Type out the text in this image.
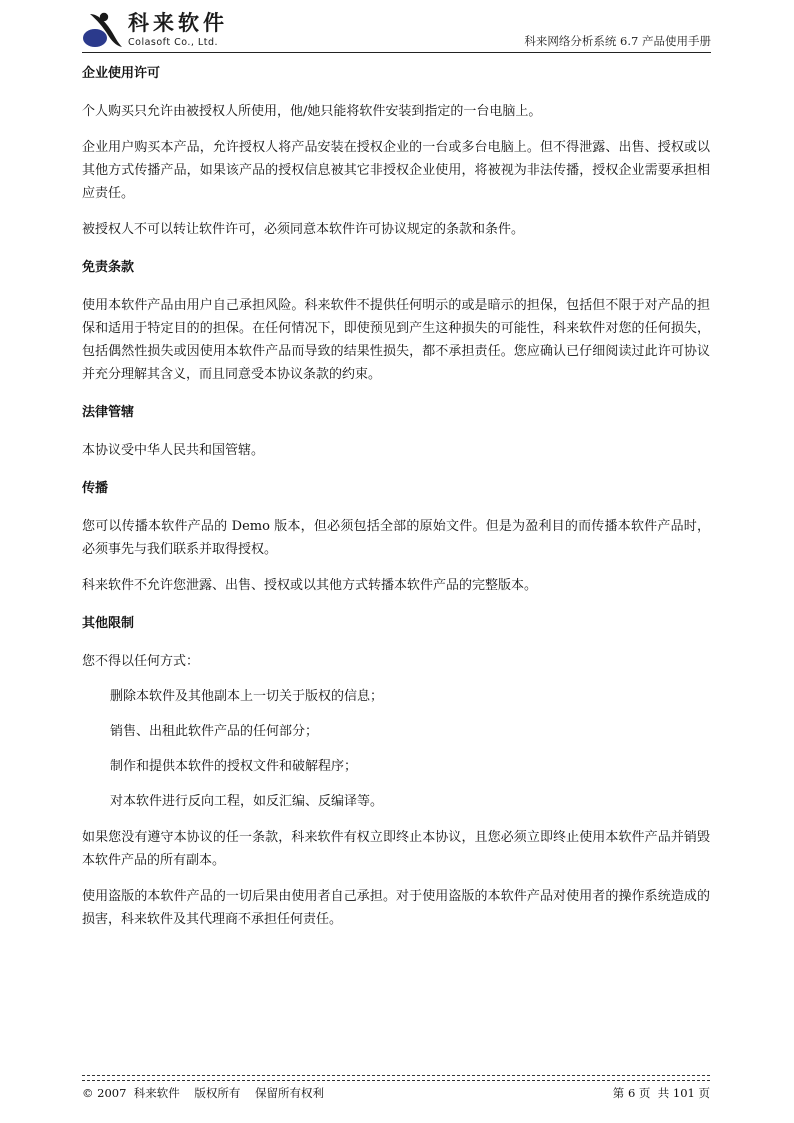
科来软件
Colasoft Co., Ltd.	科来网络分析系统 6.7 产品使用手册
企业使用许可

个人购买只允许由被授权人所使用，他/她只能将软件安装到指定的一台电脑上。

企业用户购买本产品，允许授权人将产品安装在授权企业的一台或多台电脑上。但不得泄露、出售、授权或以其他方式传播产品，如果该产品的授权信息被其它非授权企业使用，将被视为非法传播，授权企业需要承担相应责任。

被授权人不可以转让软件许可，必须同意本软件许可协议规定的条款和条件。

免责条款

使用本软件产品由用户自己承担风险。科来软件不提供任何明示的或是暗示的担保，包括但不限于对产品的担保和适用于特定目的的担保。在任何情况下，即使预见到产生这种损失的可能性，科来软件对您的任何损失，包括偶然性损失或因使用本软件产品而导致的结果性损失，都不承担责任。您应确认已仔细阅读过此许可协议并充分理解其含义，而且同意受本协议条款的约束。

法律管辖

本协议受中华人民共和国管辖。

传播

您可以传播本软件产品的 Demo 版本，但必须包括全部的原始文件。但是为盈利目的而传播本软件产品时，必须事先与我们联系并取得授权。

科来软件不允许您泄露、出售、授权或以其他方式转播本软件产品的完整版本。

其他限制

您不得以任何方式：

删除本软件及其他副本上一切关于版权的信息；

销售、出租此软件产品的任何部分；

制作和提供本软件的授权文件和破解程序；

对本软件进行反向工程，如反汇编、反编译等。

如果您没有遵守本协议的任一条款，科来软件有权立即终止本协议，且您必须立即终止使用本软件产品并销毁本软件产品的所有副本。

使用盗版的本软件产品的一切后果由使用者自己承担。对于使用盗版的本软件产品对使用者的操作系统造成的损害，科来软件及其代理商不承担任何责任。

© 2007  科来软件    版权所有    保留所有权利	第 6 页  共 101 页
